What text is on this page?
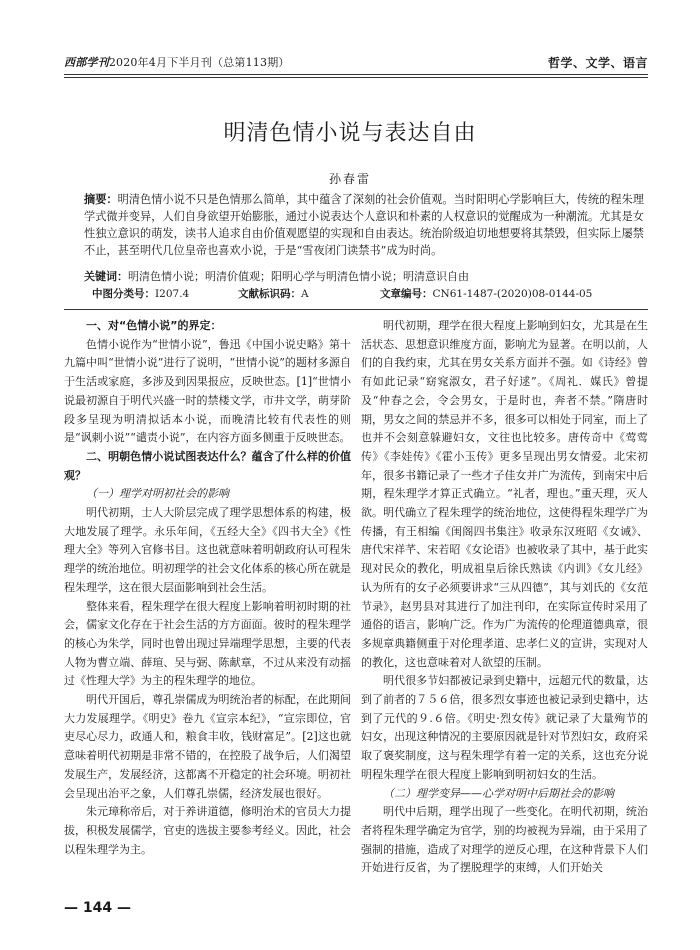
西部学刊2020年4月下半月刊（总第113期）	哲学、文学、语言
明清色情小说与表达自由
孙春雷
摘要：明清色情小说不只是色情那么简单，其中蕴含了深刻的社会价值观。当时阳明心学影响巨大，传统的程朱理学式微并变异，人们自身欲望开始膨胀，通过小说表达个人意识和朴素的人权意识的觉醒成为一种潮流。尤其是女性独立意识的萌发，读书人追求自由价值观愿望的实现和自由表达。统治阶级迫切地想要将其禁毁，但实际上屡禁不止，甚至明代几位皇帝也喜欢小说，于是“雪夜闭门读禁书”成为时尚。
关键词：明清色情小说；明清价值观；阳明心学与明清色情小说；明清意识自由
中图分类号：I207.4	文献标识码：A	文章编号：CN61-1487-(2020)08-0144-05
一、对“色情小说”的界定：

色情小说作为“世情小说”，鲁迅《中国小说史略》第十九篇中叫“世情小说”进行了说明，“世情小说”的题材多源自于生活或家庭，多涉及到因果报应，反映世态。[1]“世情小说最初源自于明代兴盛一时的禁楼文学，市井文学，萌芽阶段多呈现为明清拟话本小说，而晚清比较有代表性的则是“讽刺小说”“谴责小说”，在内容方面多侧重于反映世态。

二、明朝色情小说试图表达什么？蕴含了什么样的价值观？
（一）理学对明初社会的影响

明代初期，士人大阶层完成了理学思想体系的构建，极大地发展了理学。永乐年间，《五经大全》《四书大全》《性理大全》等列入官修书目。这也就意味着明朝政府认可程朱理学的统治地位。明初理学的社会文化体系的核心所在就是程朱理学，这在很大层面影响到社会生活。

整体来看，程朱理学在很大程度上影响着明初时期的社会，儒家文化存在于社会生活的方方面面。彼时的程朱理学的核心为朱学，同时也曾出现过异端理学思想，主要的代表人物为曹立端、薛瑄、吴与弼、陈献章，不过从来没有动摇过《性理大学》为主的程朱理学的地位。

明代开国后，尊孔崇儒成为明统治者的标配，在此期间大力发展理学。《明史》卷九《宣宗本纪》，“宣宗即位，官吏尽心尽力，政通人和，粮食丰收，钱财富足”。[2]这也就意味着明代初期是非常不错的，在控股了战争后，人们渴望发展生产，发展经济，这都离不开稳定的社会环境。明初社会呈现出治平之象，人们尊孔崇儒，经济发展也很好。

朱元璋称帝后，对于养讲道德，修明治术的官员大力提拔，积极发展儒学，官吏的选拔主要参考经义。因此，社会以程朱理学为主。

明代初期，理学在很大程度上影响到妇女，尤其是在生活状态、思想意识维度方面，影响尤为显著。在明以前，人们的自我约束，尤其在男女关系方面并不强。如《诗经》曾有如此记录“窈窕淑女，君子好逑”。《周礼．媒氏》曾提及“仲春之会，令会男女，于是时也，奔者不禁。”隋唐时期，男女之间的禁忌并不多，很多可以相处于同室，而上了也并不会刻意躲避妇女，文往也比较多。唐传奇中《莺莺传》《李娃传》《霍小玉传》更多呈现出男女情爱。北宋初年，很多书籍记录了一些才子佳女并广为流传，到南宋中后期，程朱理学才算正式确立。“礼者，理也。”重天理，灭人欲。明代确立了程朱理学的统治地位，这使得程朱理学广为传播，有王相编《闺阁四书集注》收录东汉班昭《女诫》、唐代宋祥芊、宋若昭《女论语》也被收录了其中，基于此实现对民众的教化，明成祖皇后徐氏熟读《内训》《女儿经》认为所有的女子必须要讲求“三从四德”，其与刘氏的《女范节录》，赵男县对其进行了加注刊印，在实际宣传时采用了通俗的语言，影响广泛。作为广为流传的伦理道德典章，很多规章典籍侧重于对伦理孝道、忠孝仁义的宣讲，实现对人的教化，这也意味着对人欲望的压制。

明代很多节妇都被记录到史籍中，远超元代的数量，达到了前者的７５６倍，很多烈女事迹也被记录到史籍中，达到了元代的９.６倍。《明史·烈女传》就记录了大量殉节的妇女，出现这种情况的主要原因就是针对节烈妇女，政府采取了褒奖制度，这与程朱理学有着一定的关系，这也充分说明程朱理学在很大程度上影响到明初妇女的生活。

（二）理学变异——心学对明中后期社会的影响

明代中后期，理学出现了一些变化。在明代初期，统治者将程朱理学确定为官学，别的均被视为异端，由于采用了强制的措施，造成了对理学的逆反心理，在这种背景下人们开始进行反省，为了摆脱理学的束缚，人们开始关

— 144 —
